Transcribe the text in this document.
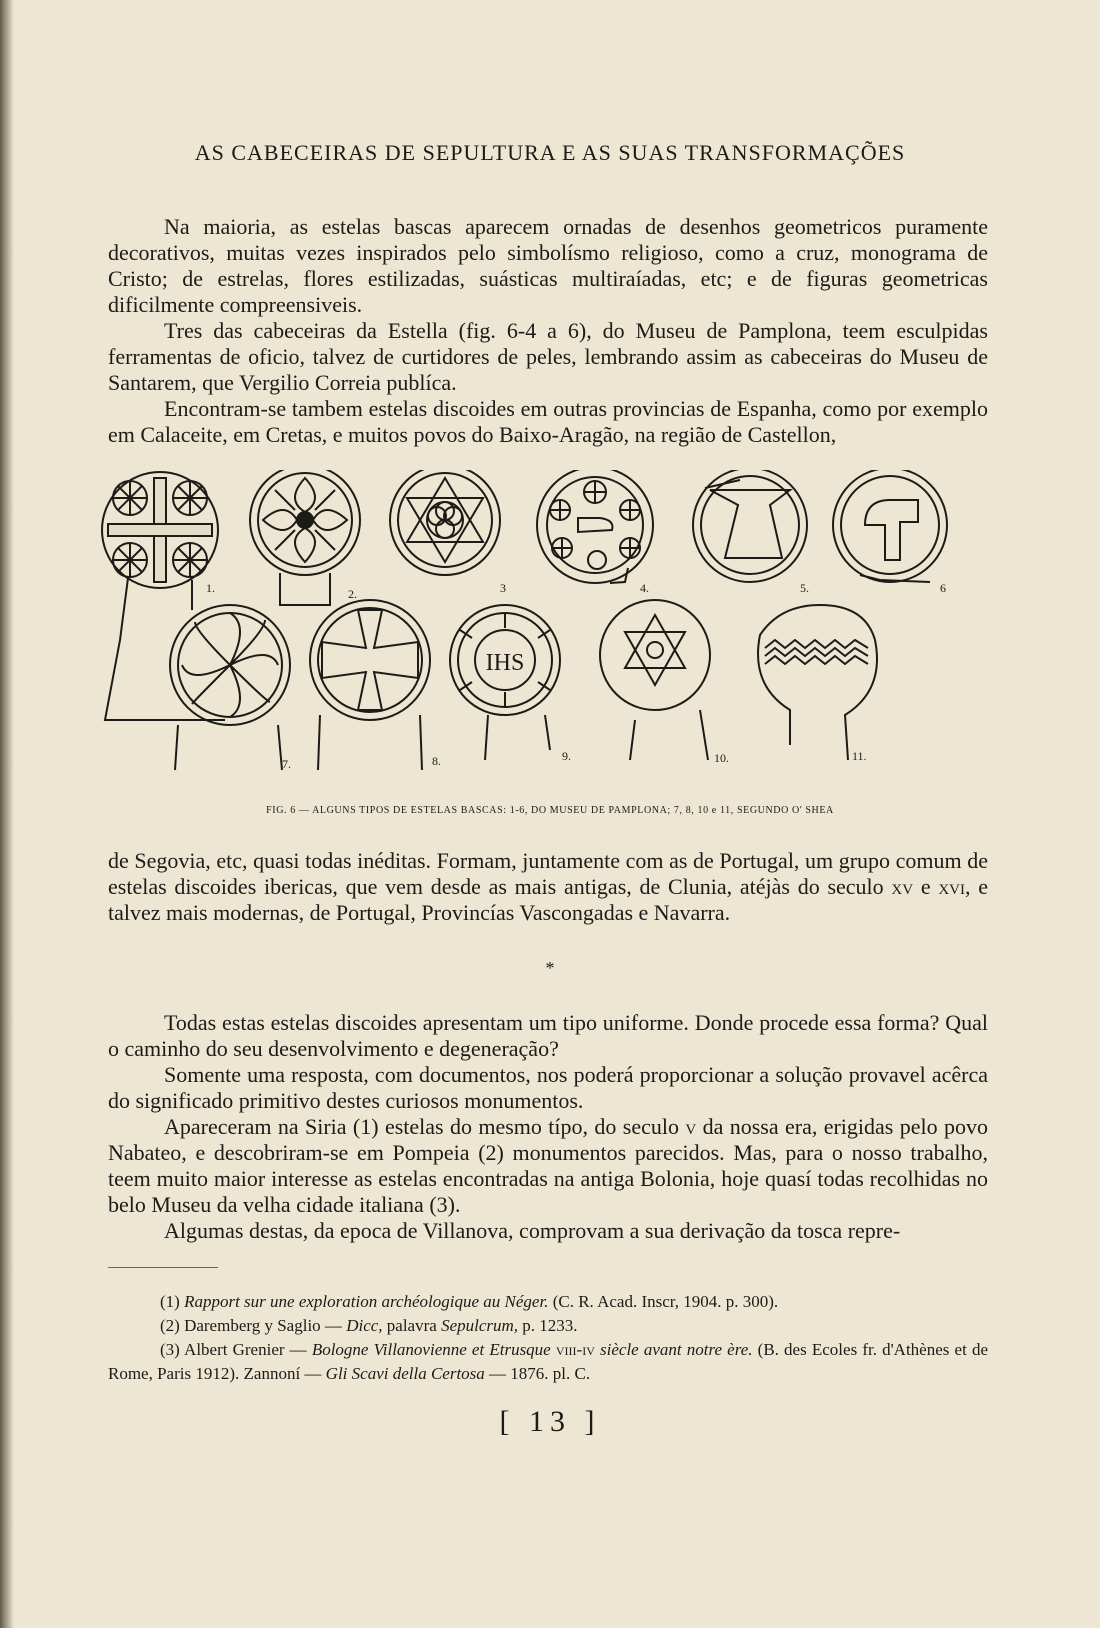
AS CABECEIRAS DE SEPULTURA E AS SUAS TRANSFORMAÇÕES

Na maioria, as estelas bascas aparecem ornadas de desenhos geometricos puramente decorativos, muitas vezes inspirados pelo simbolísmo religioso, como a cruz, monograma de Cristo; de estrelas, flores estilizadas, suásticas multiraíadas, etc; e de figuras geometricas dificilmente compreensiveis.

Tres das cabeceiras da Estella (fig. 6-4 a 6), do Museu de Pamplona, teem esculpidas ferramentas de oficio, talvez de curtidores de peles, lembrando assim as cabeceiras do Museu de Santarem, que Vergilio Correia publíca.

Encontram-se tambem estelas discoides em outras provincias de Espanha, como por exemplo em Calaceite, em Cretas, e muitos povos do Baixo-Aragão, na região de Castellon,

IHS
1.	2.	3	4.	5.	6
7.	8.	9.	10.	11.
FIG. 6 — ALGUNS TIPOS DE ESTELAS BASCAS: 1-6, DO MUSEU DE PAMPLONA; 7, 8, 10 e 11, SEGUNDO O' SHEA

de Segovia, etc, quasi todas inéditas. Formam, juntamente com as de Portugal, um grupo comum de estelas discoides ibericas, que vem desde as mais antigas, de Clunia, atéjàs do seculo xv e xvi, e talvez mais modernas, de Portugal, Provincías Vascongadas e Navarra.

*

Todas estas estelas discoides apresentam um tipo uniforme. Donde procede essa forma? Qual o caminho do seu desenvolvimento e degeneração?

Somente uma resposta, com documentos, nos poderá proporcionar a solução provavel acêrca do significado primitivo destes curiosos monumentos.

Apareceram na Siria (1) estelas do mesmo típo, do seculo v da nossa era, erigidas pelo povo Nabateo, e descobriram-se em Pompeia (2) monumentos parecidos. Mas, para o nosso trabalho, teem muito maior interesse as estelas encontradas na antiga Bolonia, hoje quasí todas recolhidas no belo Museu da velha cidade italiana (3).

Algumas destas, da epoca de Villanova, comprovam a sua derivação da tosca repre-

(1) Rapport sur une exploration archéologique au Néger. (C. R. Acad. Inscr, 1904. p. 300).

(2) Daremberg y Saglio — Dicc, palavra Sepulcrum, p. 1233.

(3) Albert Grenier — Bologne Villanovienne et Etrusque viii-iv siècle avant notre ère. (B. des Ecoles fr. d'Athènes et de Rome, Paris 1912). Zannoní — Gli Scavi della Certosa — 1876. pl. C.

[ 13 ]
